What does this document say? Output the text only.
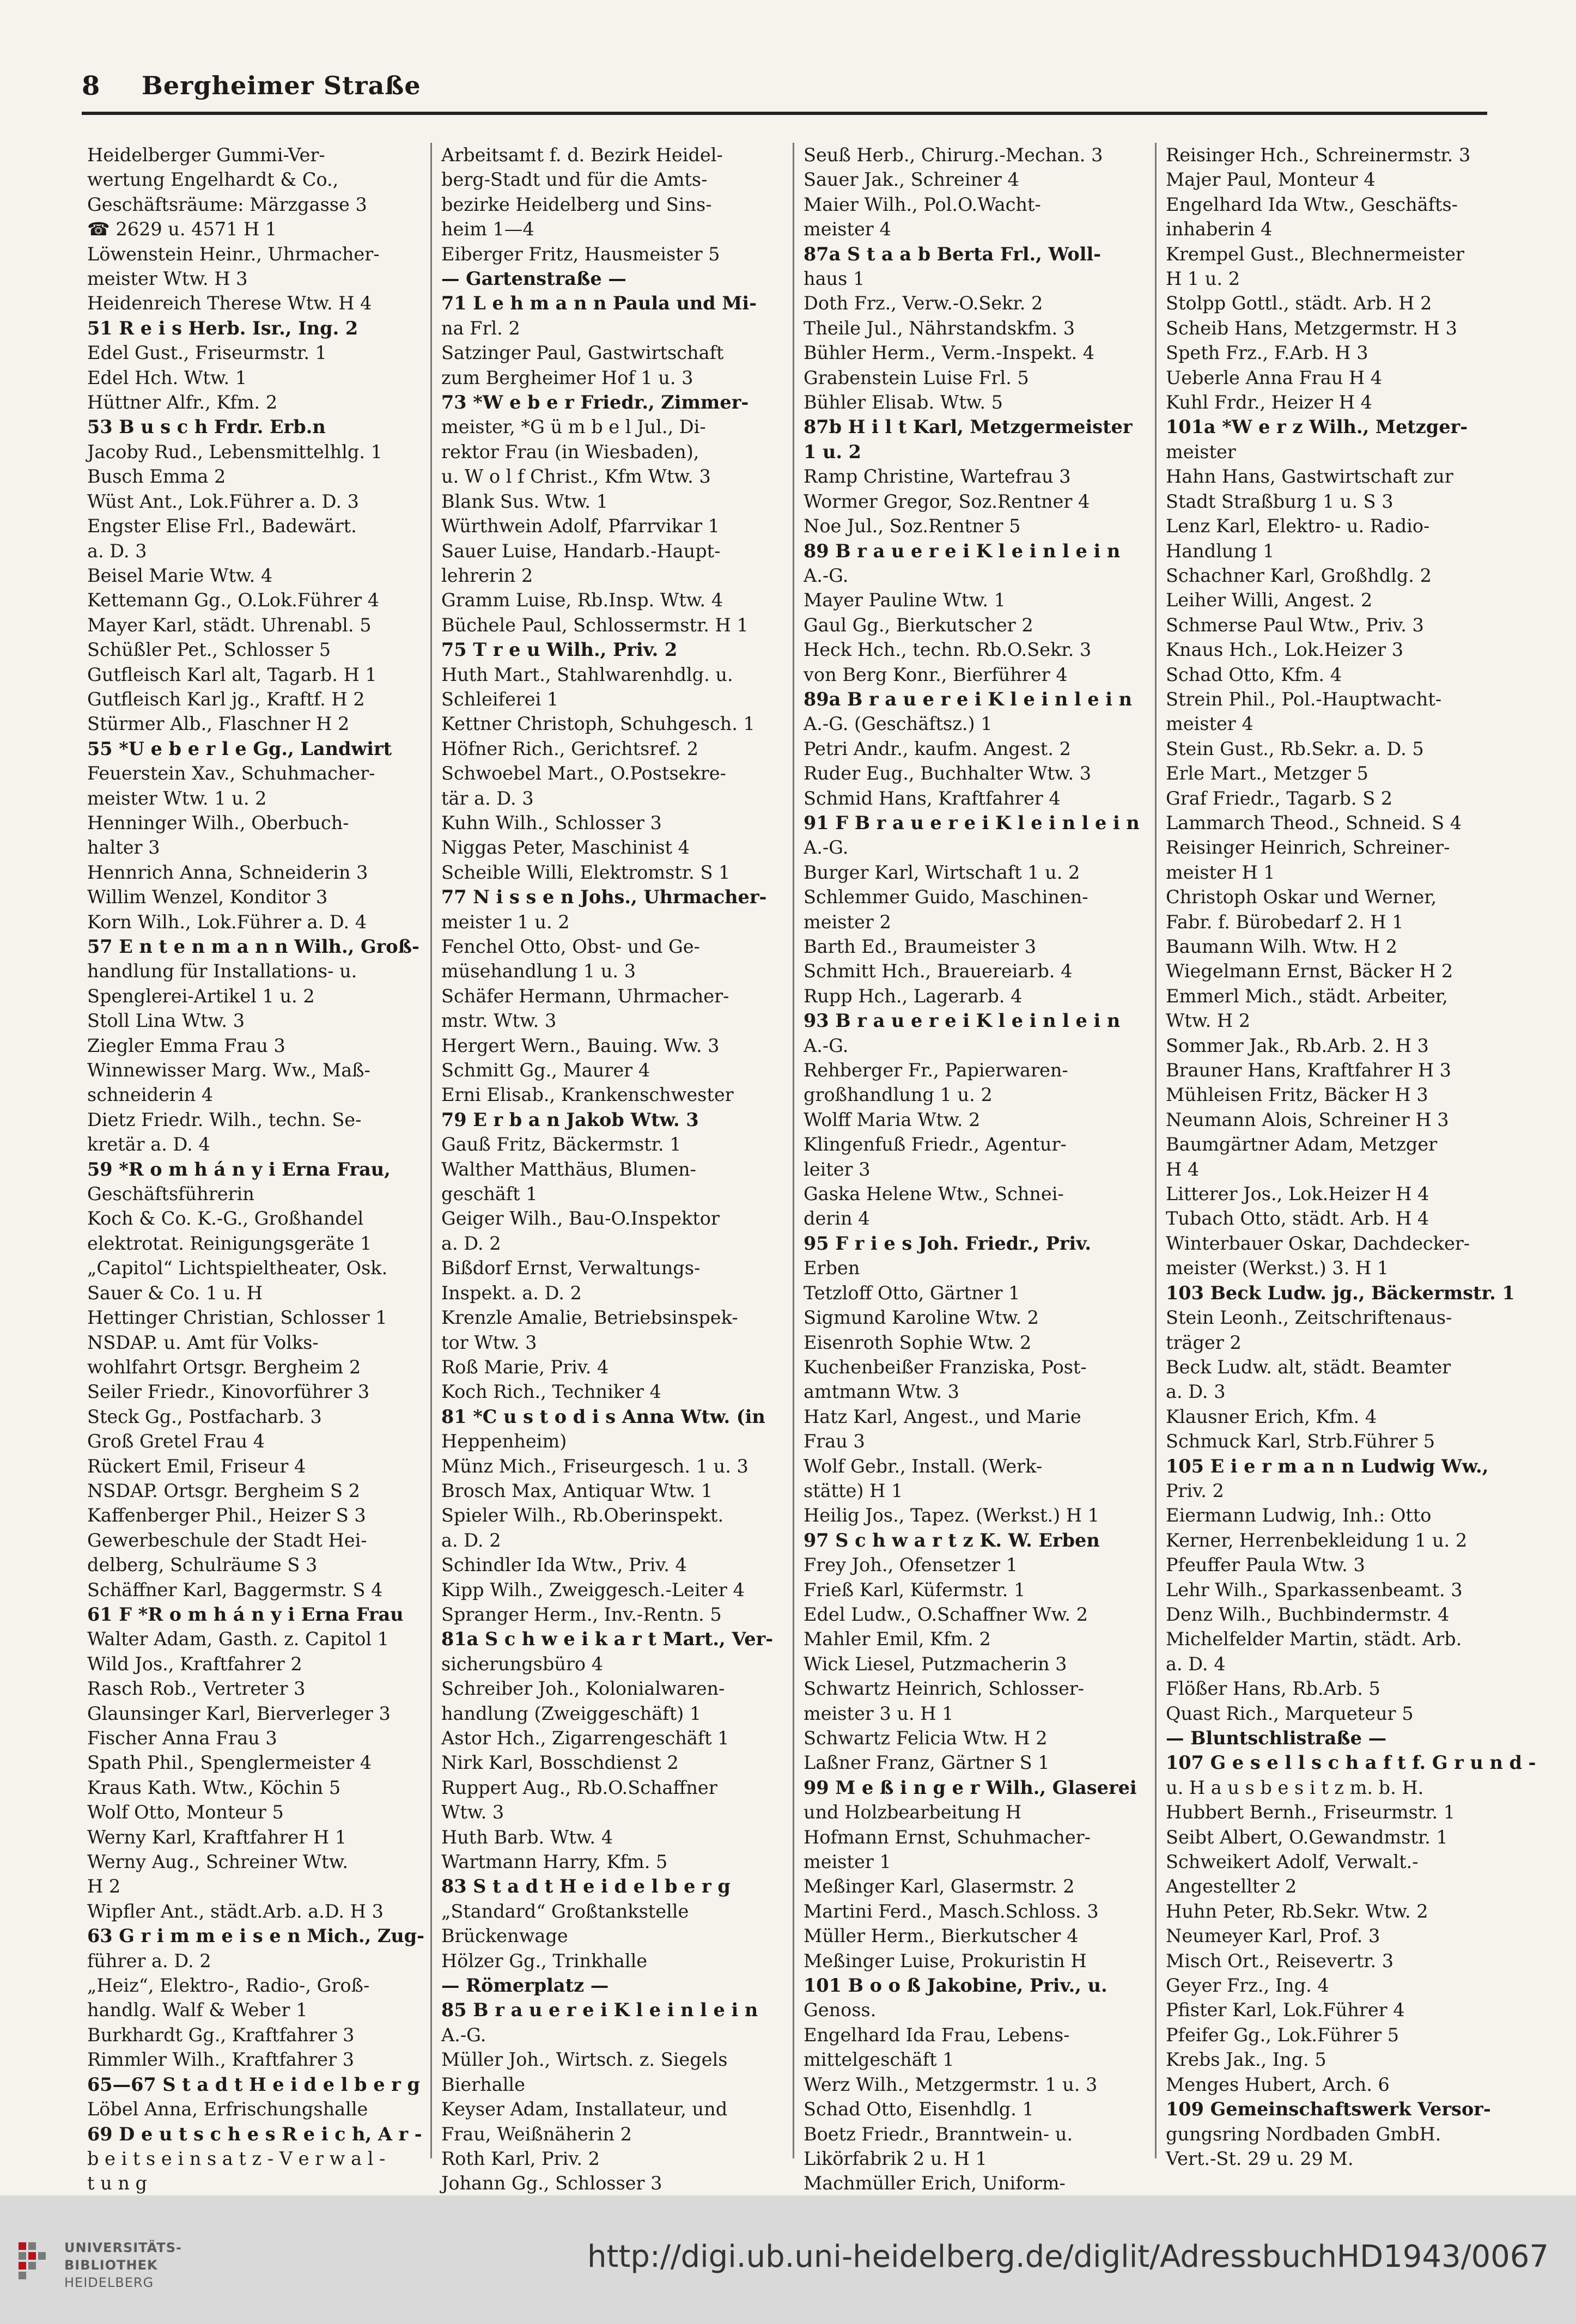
8 Bergheimer Straße
Heidelberger Gummi-Ver-
wertung Engelhardt & Co.,
Geschäftsräume: Märzgasse 3
☎ 2629 u. 4571 H 1
Löwenstein Heinr., Uhrmacher-
meister Wtw. H 3
Heidenreich Therese Wtw. H 4
51 R e i s Herb. Isr., Ing. 2
Edel Gust., Friseurmstr. 1
Edel Hch. Wtw. 1
Hüttner Alfr., Kfm. 2
53 B u s c h Frdr. Erb.n
Jacoby Rud., Lebensmittelhlg. 1
Busch Emma 2
Wüst Ant., Lok.Führer a. D. 3
Engster Elise Frl., Badewärt.
a. D. 3
Beisel Marie Wtw. 4
Kettemann Gg., O.Lok.Führer 4
Mayer Karl, städt. Uhrenabl. 5
Schüßler Pet., Schlosser 5
Gutfleisch Karl alt, Tagarb. H 1
Gutfleisch Karl jg., Kraftf. H 2
Stürmer Alb., Flaschner H 2
55 *U e b e r l e Gg., Landwirt
Feuerstein Xav., Schuhmacher-
meister Wtw. 1 u. 2
Henninger Wilh., Oberbuch-
halter 3
Hennrich Anna, Schneiderin 3
Willim Wenzel, Konditor 3
Korn Wilh., Lok.Führer a. D. 4
57 E n t e n m a n n Wilh., Groß-
handlung für Installations- u.
Spenglerei-Artikel 1 u. 2
Stoll Lina Wtw. 3
Ziegler Emma Frau 3
Winnewisser Marg. Ww., Maß-
schneiderin 4
Dietz Friedr. Wilh., techn. Se-
kretär a. D. 4
59 *R o m h á n y i Erna Frau,
Geschäftsführerin
Koch & Co. K.-G., Großhandel
elektrotat. Reinigungsgeräte 1
„Capitol“ Lichtspieltheater, Osk.
Sauer & Co. 1 u. H
Hettinger Christian, Schlosser 1
NSDAP. u. Amt für Volks-
wohlfahrt Ortsgr. Bergheim 2
Seiler Friedr., Kinovorführer 3
Steck Gg., Postfacharb. 3
Groß Gretel Frau 4
Rückert Emil, Friseur 4
NSDAP. Ortsgr. Bergheim S 2
Kaffenberger Phil., Heizer S 3
Gewerbeschule der Stadt Hei-
delberg, Schulräume S 3
Schäffner Karl, Baggermstr. S 4
61 F *R o m h á n y i Erna Frau
Walter Adam, Gasth. z. Capitol 1
Wild Jos., Kraftfahrer 2
Rasch Rob., Vertreter 3
Glaunsinger Karl, Bierverleger 3
Fischer Anna Frau 3
Spath Phil., Spenglermeister 4
Kraus Kath. Wtw., Köchin 5
Wolf Otto, Monteur 5
Werny Karl, Kraftfahrer H 1
Werny Aug., Schreiner Wtw.
H 2
Wipfler Ant., städt.Arb. a.D. H 3
63 G r i m m e i s e n Mich., Zug-
führer a. D. 2
„Heiz“, Elektro-, Radio-, Groß-
handlg. Walf & Weber 1
Burkhardt Gg., Kraftfahrer 3
Rimmler Wilh., Kraftfahrer 3
65—67 S t a d t H e i d e l b e r g
Löbel Anna, Erfrischungshalle
69 D e u t s c h e s R e i c h, A r -
b e i t s e i n s a t z - V e r w a l -
t u n g
Arbeitsamt f. d. Bezirk Heidel-
berg-Stadt und für die Amts-
bezirke Heidelberg und Sins-
heim 1—4
Eiberger Fritz, Hausmeister 5
— Gartenstraße —
71 L e h m a n n Paula und Mi-
na Frl. 2
Satzinger Paul, Gastwirtschaft
zum Bergheimer Hof 1 u. 3
73 *W e b e r Friedr., Zimmer-
meister, *G ü m b e l Jul., Di-
rektor Frau (in Wiesbaden),
u. W o l f Christ., Kfm Wtw. 3
Blank Sus. Wtw. 1
Würthwein Adolf, Pfarrvikar 1
Sauer Luise, Handarb.-Haupt-
lehrerin 2
Gramm Luise, Rb.Insp. Wtw. 4
Büchele Paul, Schlossermstr. H 1
75 T r e u Wilh., Priv. 2
Huth Mart., Stahlwarenhdlg. u.
Schleiferei 1
Kettner Christoph, Schuhgesch. 1
Höfner Rich., Gerichtsref. 2
Schwoebel Mart., O.Postsekre-
tär a. D. 3
Kuhn Wilh., Schlosser 3
Niggas Peter, Maschinist 4
Scheible Willi, Elektromstr. S 1
77 N i s s e n Johs., Uhrmacher-
meister 1 u. 2
Fenchel Otto, Obst- und Ge-
müsehandlung 1 u. 3
Schäfer Hermann, Uhrmacher-
mstr. Wtw. 3
Hergert Wern., Bauing. Ww. 3
Schmitt Gg., Maurer 4
Erni Elisab., Krankenschwester
79 E r b a n Jakob Wtw. 3
Gauß Fritz, Bäckermstr. 1
Walther Matthäus, Blumen-
geschäft 1
Geiger Wilh., Bau-O.Inspektor
a. D. 2
Bißdorf Ernst, Verwaltungs-
Inspekt. a. D. 2
Krenzle Amalie, Betriebsinspek-
tor Wtw. 3
Roß Marie, Priv. 4
Koch Rich., Techniker 4
81 *C u s t o d i s Anna Wtw. (in
Heppenheim)
Münz Mich., Friseurgesch. 1 u. 3
Brosch Max, Antiquar Wtw. 1
Spieler Wilh., Rb.Oberinspekt.
a. D. 2
Schindler Ida Wtw., Priv. 4
Kipp Wilh., Zweiggesch.-Leiter 4
Spranger Herm., Inv.-Rentn. 5
81a S c h w e i k a r t Mart., Ver-
sicherungsbüro 4
Schreiber Joh., Kolonialwaren-
handlung (Zweiggeschäft) 1
Astor Hch., Zigarrengeschäft 1
Nirk Karl, Bosschdienst 2
Ruppert Aug., Rb.O.Schaffner
Wtw. 3
Huth Barb. Wtw. 4
Wartmann Harry, Kfm. 5
83 S t a d t H e i d e l b e r g
„Standard“ Großtankstelle
Brückenwage
Hölzer Gg., Trinkhalle
— Römerplatz —
85 B r a u e r e i K l e i n l e i n
A.-G.
Müller Joh., Wirtsch. z. Siegels
Bierhalle
Keyser Adam, Installateur, und
Frau, Weißnäherin 2
Roth Karl, Priv. 2
Johann Gg., Schlosser 3
Seuß Herb., Chirurg.-Mechan. 3
Sauer Jak., Schreiner 4
Maier Wilh., Pol.O.Wacht-
meister 4
87a S t a a b Berta Frl., Woll-
haus 1
Doth Frz., Verw.-O.Sekr. 2
Theile Jul., Nährstandskfm. 3
Bühler Herm., Verm.-Inspekt. 4
Grabenstein Luise Frl. 5
Bühler Elisab. Wtw. 5
87b H i l t Karl, Metzgermeister
1 u. 2
Ramp Christine, Wartefrau 3
Wormer Gregor, Soz.Rentner 4
Noe Jul., Soz.Rentner 5
89 B r a u e r e i K l e i n l e i n
A.-G.
Mayer Pauline Wtw. 1
Gaul Gg., Bierkutscher 2
Heck Hch., techn. Rb.O.Sekr. 3
von Berg Konr., Bierführer 4
89a B r a u e r e i K l e i n l e i n
A.-G. (Geschäftsz.) 1
Petri Andr., kaufm. Angest. 2
Ruder Eug., Buchhalter Wtw. 3
Schmid Hans, Kraftfahrer 4
91 F B r a u e r e i K l e i n l e i n
A.-G.
Burger Karl, Wirtschaft 1 u. 2
Schlemmer Guido, Maschinen-
meister 2
Barth Ed., Braumeister 3
Schmitt Hch., Brauereiarb. 4
Rupp Hch., Lagerarb. 4
93 B r a u e r e i K l e i n l e i n
A.-G.
Rehberger Fr., Papierwaren-
großhandlung 1 u. 2
Wolff Maria Wtw. 2
Klingenfuß Friedr., Agentur-
leiter 3
Gaska Helene Wtw., Schnei-
derin 4
95 F r i e s Joh. Friedr., Priv.
Erben
Tetzloff Otto, Gärtner 1
Sigmund Karoline Wtw. 2
Eisenroth Sophie Wtw. 2
Kuchenbeißer Franziska, Post-
amtmann Wtw. 3
Hatz Karl, Angest., und Marie
Frau 3
Wolf Gebr., Install. (Werk-
stätte) H 1
Heilig Jos., Tapez. (Werkst.) H 1
97 S c h w a r t z K. W. Erben
Frey Joh., Ofensetzer 1
Frieß Karl, Küfermstr. 1
Edel Ludw., O.Schaffner Ww. 2
Mahler Emil, Kfm. 2
Wick Liesel, Putzmacherin 3
Schwartz Heinrich, Schlosser-
meister 3 u. H 1
Schwartz Felicia Wtw. H 2
Laßner Franz, Gärtner S 1
99 M e ß i n g e r Wilh., Glaserei
und Holzbearbeitung H
Hofmann Ernst, Schuhmacher-
meister 1
Meßinger Karl, Glasermstr. 2
Martini Ferd., Masch.Schloss. 3
Müller Herm., Bierkutscher 4
Meßinger Luise, Prokuristin H
101 B o o ß Jakobine, Priv., u.
Genoss.
Engelhard Ida Frau, Lebens-
mittelgeschäft 1
Werz Wilh., Metzgermstr. 1 u. 3
Schad Otto, Eisenhdlg. 1
Boetz Friedr., Branntwein- u.
Likörfabrik 2 u. H 1
Machmüller Erich, Uniform-
Reisinger Hch., Schreinermstr. 3
Majer Paul, Monteur 4
Engelhard Ida Wtw., Geschäfts-
inhaberin 4
Krempel Gust., Blechnermeister
H 1 u. 2
Stolpp Gottl., städt. Arb. H 2
Scheib Hans, Metzgermstr. H 3
Speth Frz., F.Arb. H 3
Ueberle Anna Frau H 4
Kuhl Frdr., Heizer H 4
101a *W e r z Wilh., Metzger-
meister
Hahn Hans, Gastwirtschaft zur
Stadt Straßburg 1 u. S 3
Lenz Karl, Elektro- u. Radio-
Handlung 1
Schachner Karl, Großhdlg. 2
Leiher Willi, Angest. 2
Schmerse Paul Wtw., Priv. 3
Knaus Hch., Lok.Heizer 3
Schad Otto, Kfm. 4
Strein Phil., Pol.-Hauptwacht-
meister 4
Stein Gust., Rb.Sekr. a. D. 5
Erle Mart., Metzger 5
Graf Friedr., Tagarb. S 2
Lammarch Theod., Schneid. S 4
Reisinger Heinrich, Schreiner-
meister H 1
Christoph Oskar und Werner,
Fabr. f. Bürobedarf 2. H 1
Baumann Wilh. Wtw. H 2
Wiegelmann Ernst, Bäcker H 2
Emmerl Mich., städt. Arbeiter,
Wtw. H 2
Sommer Jak., Rb.Arb. 2. H 3
Brauner Hans, Kraftfahrer H 3
Mühleisen Fritz, Bäcker H 3
Neumann Alois, Schreiner H 3
Baumgärtner Adam, Metzger
H 4
Litterer Jos., Lok.Heizer H 4
Tubach Otto, städt. Arb. H 4
Winterbauer Oskar, Dachdecker-
meister (Werkst.) 3. H 1
103 Beck Ludw. jg., Bäckermstr. 1
Stein Leonh., Zeitschriftenaus-
träger 2
Beck Ludw. alt, städt. Beamter
a. D. 3
Klausner Erich, Kfm. 4
Schmuck Karl, Strb.Führer 5
105 E i e r m a n n Ludwig Ww.,
Priv. 2
Eiermann Ludwig, Inh.: Otto
Kerner, Herrenbekleidung 1 u. 2
Pfeuffer Paula Wtw. 3
Lehr Wilh., Sparkassenbeamt. 3
Denz Wilh., Buchbindermstr. 4
Michelfelder Martin, städt. Arb.
a. D. 4
Flößer Hans, Rb.Arb. 5
Quast Rich., Marqueteur 5
— Bluntschlistraße —
107 G e s e l l s c h a f t f. G r u n d -
u. H a u s b e s i t z m. b. H.
Hubbert Bernh., Friseurmstr. 1
Seibt Albert, O.Gewandmstr. 1
Schweikert Adolf, Verwalt.-
Angestellter 2
Huhn Peter, Rb.Sekr. Wtw. 2
Neumeyer Karl, Prof. 3
Misch Ort., Reisevertr. 3
Geyer Frz., Ing. 4
Pfister Karl, Lok.Führer 4
Pfeifer Gg., Lok.Führer 5
Krebs Jak., Ing. 5
Menges Hubert, Arch. 6
109 Gemeinschaftswerk Versor-
gungsring Nordbaden GmbH.
Vert.-St. 29 u. 29 M.
UNIVERSITÄTS-
BIBLIOTHEK
HEIDELBERG
http://digi.ub.uni-heidelberg.de/diglit/AdressbuchHD1943/0067
